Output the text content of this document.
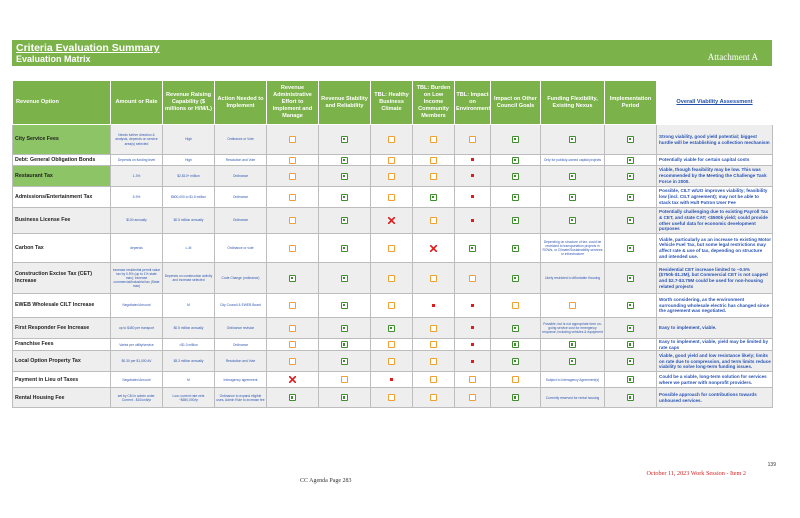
Criteria Evaluation Summary
Evaluation Matrix	Attachment A
Revenue Option	Amount or Rate	Revenue Raising Capability ($ millions or H/M/L)	Action Needed to Implement	Revenue Administrative Effort to Implement and Manage	Revenue Stability and Reliability	TBL: Healthy Business Climate	TBL: Burden on Low Income Community Members	TBL: Impact on Environment	Impact on Other Council Goals	Funding Flexibility, Existing Nexus	Implementation Period	Overall Viability Assessment
City Service Fees	Needs further direction & analysis, depends on service area(s) selected	High	Ordinance or Vote									Strong viability, good yield potential; biggest hurdle will be establishing a collection mechanism
Debt: General Obligation Bonds	Depends on funding level	High	Resolution and Vote							Only for publicly-owned capital projects		Potentially viable for certain capital costs
Restaurant Tax	1-3%	$2-$10+ million	Ordinance									Viable, though feasibility may be low. This was recommended by the Meeting the Challenge Task Force in 2000.
Admissions/Entertainment Tax	5-9%	$800,000 to $1.5 million	Ordinance									Possible, CILT w/UO improves viability; feasibility low (incl. CILT agreement); may not be able to stack tax with Hult Patron User Fee
Business License Fee	$100 annually	$0.5 million annually	Ordinance									Potentially challenging due to existing Payroll Tax & CET, and state CAT; <$500k yield; could provide other useful data for economic development purposes
Carbon Tax	depends	L-M	Ordinance or vote							Depending on structure of tax, could be restricted to transportation projects in ROWs, or Climate/Sustainability services or infrastructure		Viable, particularly as an increase to existing Motor Vehicle Fuel Tax, but some legal restrictions may affect rate & use of tax, depending on structure and intended use.
Construction Excise Tax (CET) Increase	increase residential permit value tax by 0.5% (up to 1% state max); increase commercial/industrial tax (State max)	Depends on construction activity and increase selected	Code Change (ordinance)							Likely restricted to Affordable Housing		Residential CET increase limited to ~0.5% ($750k-$1.2M), but Commercial CET is not capped and $2.7-$3.75M could be used for non-housing related projects
EWEB Wholesale CILT Increase	Negotiated Amount	M	City Council & EWEB Board									Worth considering, as the environment surrounding wholesale electric has changed since the agreement was negotiated.
First Responder Fee Increase	up to $450 per transport	$0.5 million annually	Ordinance revision							Possible, but is not appropriate form on-going service cost for emergency response, including vehicles & equipment		Easy to implement, viable.
Franchise Fees	Varies per utility/service	<$1.0 million	Ordinance									Easy to implement, viable, yield may be limited by rate caps
Local Option Property Tax	$0.30 per $1,000 AV	$5.3 million annually	Resolution and Vote									Viable, good yield and low resistance likely; limits on rate due to compression, and term limits reduce viability to solve long-term funding issues.
Payment in Lieu of Taxes	Negotiated Amount	M	Interagency agreement							Subject to Interagency Agreement(s)		Could be a viable, long-term solution for services where we partner with nonprofit providers.
Rental Housing Fee	set by CM in admin order. Current - $10/unit/yr	Low; current rate nets ~$650,000/yr	Ordinance to expand eligible uses, Admin Rule to increase fee							Currently reserved for rental housing		Possible approach for contributions towards unhoused services.
139
October 11, 2023 Work Session - Item 2
CC Agenda Page 283
